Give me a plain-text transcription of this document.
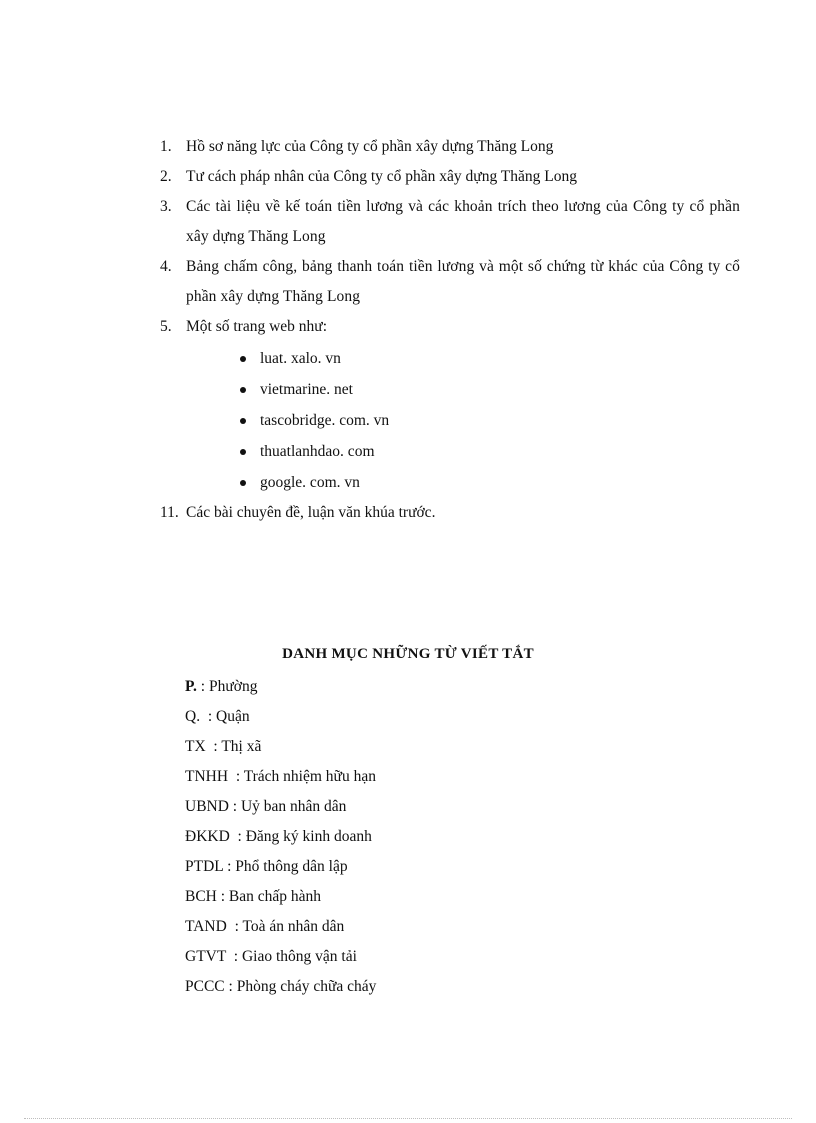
1. Hồ sơ năng lực của Công ty cổ phần xây dựng Thăng Long
2. Tư cách pháp nhân của Công ty cổ phần xây dựng Thăng Long
3. Các tài liệu về kế toán tiền lương và các khoản trích theo lương của Công ty cổ phần xây dựng Thăng Long
4. Bảng chấm công, bảng thanh toán tiền lương và một số chứng từ khác của Công ty cổ phần xây dựng Thăng Long
5. Một số trang web như:
luat. xalo. vn
vietmarine. net
tascobridge. com. vn
thuatlanhdao. com
google. com. vn
11. Các bài chuyên đề, luận văn khúa trước.
DANH MỤC NHỮNG TỪ VIẾT TẮT
P. : Phường
Q.  : Quận
TX  : Thị xã
TNHH  : Trách nhiệm hữu hạn
UBND : Uỷ ban nhân dân
ĐKKD  : Đăng ký kinh doanh
PTDL : Phổ thông dân lập
BCH : Ban chấp hành
TAND  : Toà án nhân dân
GTVT  : Giao thông vận tải
PCCC : Phòng cháy chữa cháy
